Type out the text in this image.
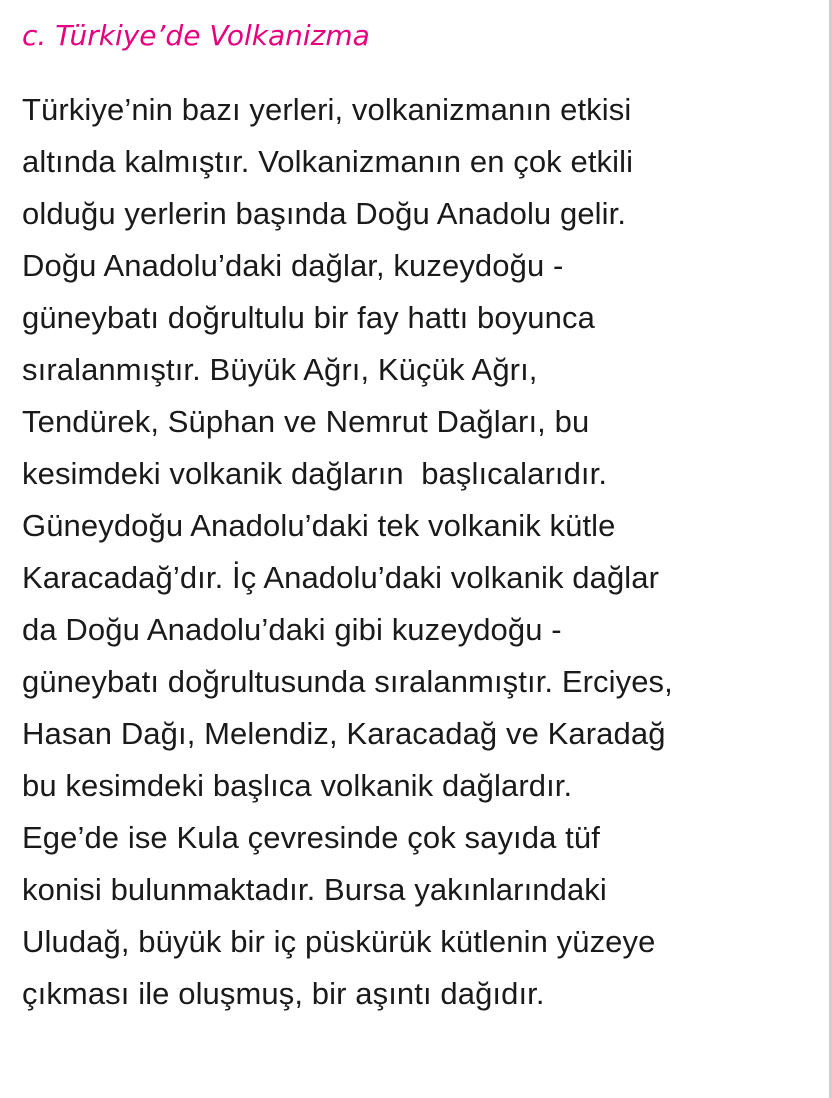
c. Türkiye’de Volkanizma
Türkiye’nin bazı yerleri, volkanizmanın etkisi
altında kalmıştır. Volkanizmanın en çok etkili
olduğu yerlerin başında Doğu Anadolu gelir.
Doğu Anadolu’daki dağlar, kuzeydoğu -
güneybatı doğrultulu bir fay hattı boyunca
sıralanmıştır. Büyük Ağrı, Küçük Ağrı,
Tendürek, Süphan ve Nemrut Dağları, bu
kesimdeki volkanik dağların  başlıcalarıdır.
Güneydoğu Anadolu’daki tek volkanik kütle
Karacadağ’dır. İç Anadolu’daki volkanik dağlar
da Doğu Anadolu’daki gibi kuzeydoğu -
güneybatı doğrultusunda sıralanmıştır. Erciyes,
Hasan Dağı, Melendiz, Karacadağ ve Karadağ
bu kesimdeki başlıca volkanik dağlardır.
Ege’de ise Kula çevresinde çok sayıda tüf
konisi bulunmaktadır. Bursa yakınlarındaki
Uludağ, büyük bir iç püskürük kütlenin yüzeye
çıkması ile oluşmuş, bir aşıntı dağıdır.
